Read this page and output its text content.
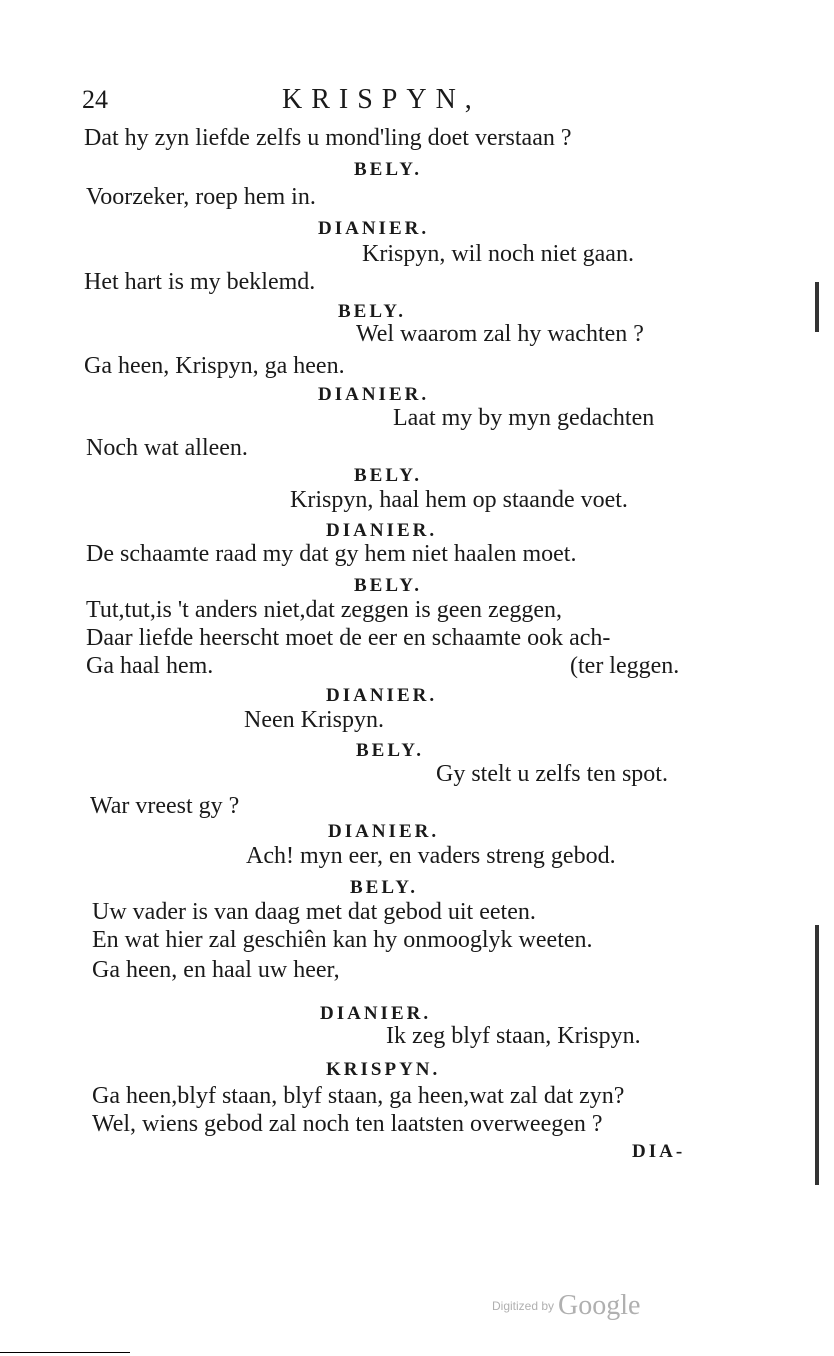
24	KRISPYN,
Dat hy zyn liefde zelfs u mond'ling doet verstaan ?
BELY.
Voorzeker, roep hem in.
DIANIER.
Krispyn, wil noch niet gaan.
Het hart is my beklemd.
BELY.
Wel waarom zal hy wachten ?
Ga heen, Krispyn, ga heen.
DIANIER.
Laat my by myn gedachten
Noch wat alleen.
BELY.
Krispyn, haal hem op staande voet.
DIANIER.
De schaamte raad my dat gy hem niet haalen moet.
BELY.
Tut,tut,is 't anders niet,dat zeggen is geen zeggen,
Daar liefde heerscht moet de eer en schaamte ook ach-
Ga haal hem.	(ter leggen.
DIANIER.
Neen Krispyn.
BELY.
Gy stelt u zelfs ten spot.
War vreest gy ?
DIANIER.
Ach! myn eer, en vaders streng gebod.
BELY.
Uw vader is van daag met dat gebod uit eeten.
En wat hier zal geschiên kan hy onmooglyk weeten.
Ga heen, en haal uw heer,
DIANIER.
Ik zeg blyf staan, Krispyn.
KRISPYN.
Ga heen,blyf staan, blyf staan, ga heen,wat zal dat zyn?
Wel, wiens gebod zal noch ten laatsten overweegen ?
DIA-
Digitized by Google
